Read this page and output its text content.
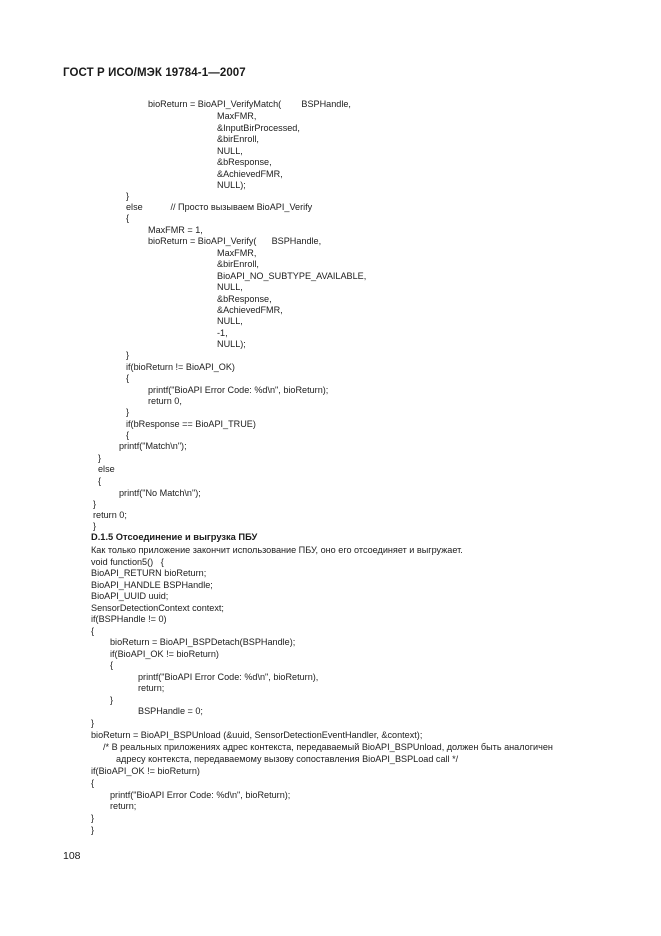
ГОСТ Р ИСО/МЭК 19784-1—2007
bioReturn = BioAPI_VerifyMatch(        BSPHandle,
MaxFMR,
&InputBirProcessed,
&birEnroll,
NULL,
&bResponse,
&AchievedFMR,
NULL);
}
else           // Просто вызываем BioAPI_Verify
{
MaxFMR = 1,
bioReturn = BioAPI_Verify(      BSPHandle,
MaxFMR,
&birEnroll,
BioAPI_NO_SUBTYPE_AVAILABLE,
NULL,
&bResponse,
&AchievedFMR,
NULL,
-1,
NULL);
}
if(bioReturn != BioAPI_OK)
{
printf("BioAPI Error Code: %d\n", bioReturn);
return 0,
}
if(bResponse == BioAPI_TRUE)
{
printf("Match\n");
}
else
{
printf("No Match\n");
}
return 0;
}
D.1.5 Отсоединение и выгрузка ПБУ
Как только приложение закончит использование ПБУ, оно его отсоединяет и выгружает.
void function5()   {
BioAPI_RETURN bioReturn;
BioAPI_HANDLE BSPHandle;
BioAPI_UUID uuid;
SensorDetectionContext context;
if(BSPHandle != 0)
{
bioReturn = BioAPI_BSPDetach(BSPHandle);
if(BioAPI_OK != bioReturn)
{
printf("BioAPI Error Code: %d\n", bioReturn),
return;
}
BSPHandle = 0;
}
bioReturn = BioAPI_BSPUnload (&uuid, SensorDetectionEventHandler, &context);
/* В реальных приложениях адрес контекста, передаваемый BioAPI_BSPUnload, должен быть аналогичен
адресу контекста, передаваемому вызову сопоставления BioAPI_BSPLoad call */
if(BioAPI_OK != bioReturn)
{
printf("BioAPI Error Code: %d\n", bioReturn);
return;
}
}
108
